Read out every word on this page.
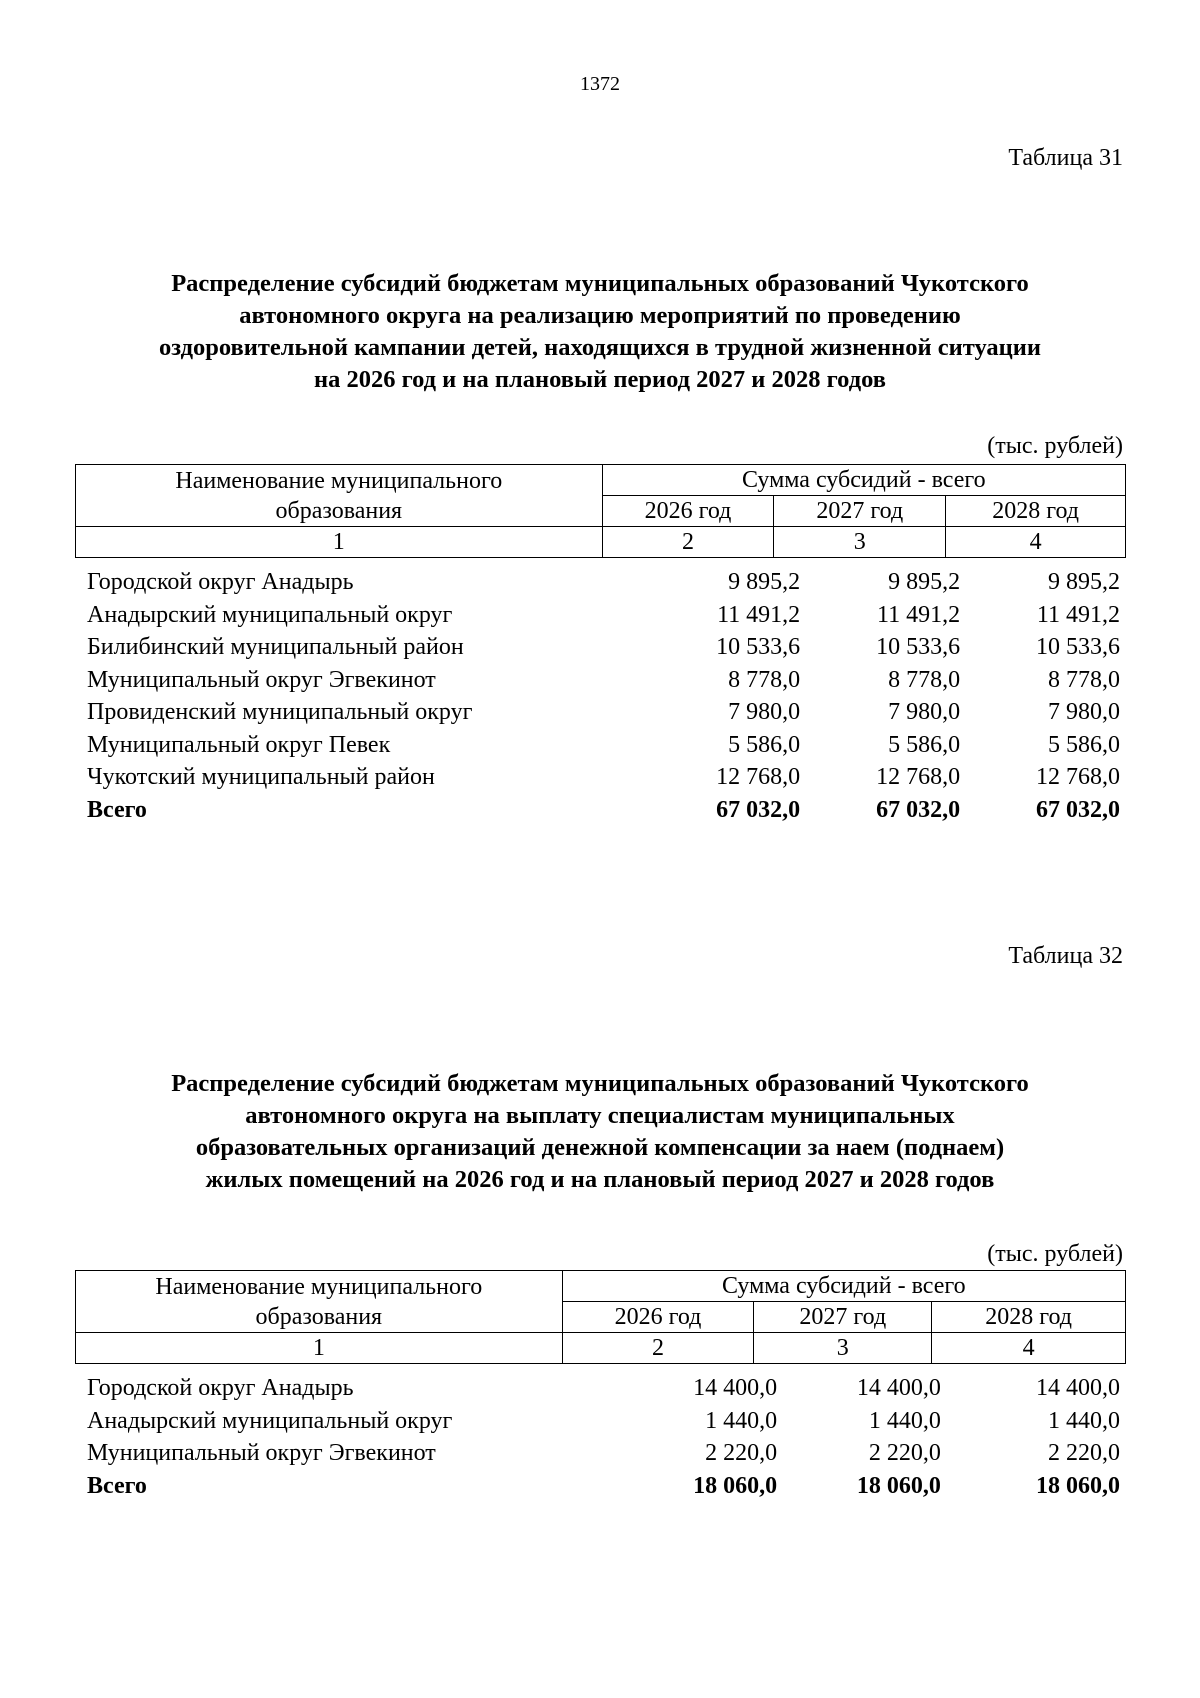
1372
Таблица 31
Распределение субсидий бюджетам муниципальных образований Чукотского
автономного округа на реализацию мероприятий по проведению
оздоровительной кампании детей, находящихся в трудной жизненной ситуации
на 2026 год и на плановый период 2027 и 2028 годов
(тыс. рублей)
Наименование муниципального образования	Сумма субсидий - всего		
	2026 год	2027 год	2028 год
1	2	3	4
Городской округ Анадырь	9 895,2	9 895,2	9 895,2
Анадырский муниципальный округ	11 491,2	11 491,2	11 491,2
Билибинский муниципальный район	10 533,6	10 533,6	10 533,6
Муниципальный округ Эгвекинот	8 778,0	8 778,0	8 778,0
Провиденский муниципальный округ	7 980,0	7 980,0	7 980,0
Муниципальный округ Певек	5 586,0	5 586,0	5 586,0
Чукотский муниципальный район	12 768,0	12 768,0	12 768,0
Всего	67 032,0	67 032,0	67 032,0
Таблица 32
Распределение субсидий бюджетам муниципальных образований Чукотского
автономного округа на выплату специалистам муниципальных
образовательных организаций денежной компенсации за наем (поднаем)
жилых помещений на 2026 год и на плановый период 2027 и 2028 годов
(тыс. рублей)
Наименование муниципального образования	Сумма субсидий - всего		
	2026 год	2027 год	2028 год
1	2	3	4
Городской округ Анадырь	14 400,0	14 400,0	14 400,0
Анадырский муниципальный округ	1 440,0	1 440,0	1 440,0
Муниципальный округ Эгвекинот	2 220,0	2 220,0	2 220,0
Всего	18 060,0	18 060,0	18 060,0
